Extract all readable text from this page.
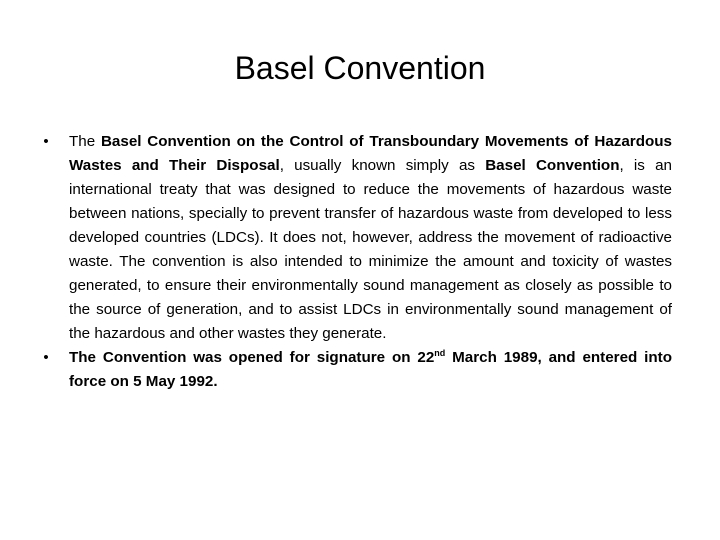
Basel Convention
•	The Basel Convention on the Control of Transboundary Movements of Hazardous Wastes and Their Disposal, usually known simply as Basel Convention, is an international treaty that was designed to reduce the movements of hazardous waste between nations, specially to prevent transfer of hazardous waste from developed to less developed countries (LDCs). It does not, however, address the movement of radioactive waste. The convention is also intended to minimize the amount and toxicity of wastes generated, to ensure their environmentally sound management as closely as possible to the source of generation, and to assist LDCs in environmentally sound management of the hazardous and other wastes they generate.
•	The Convention was opened for signature on 22nd March 1989, and entered into force on 5 May 1992.
